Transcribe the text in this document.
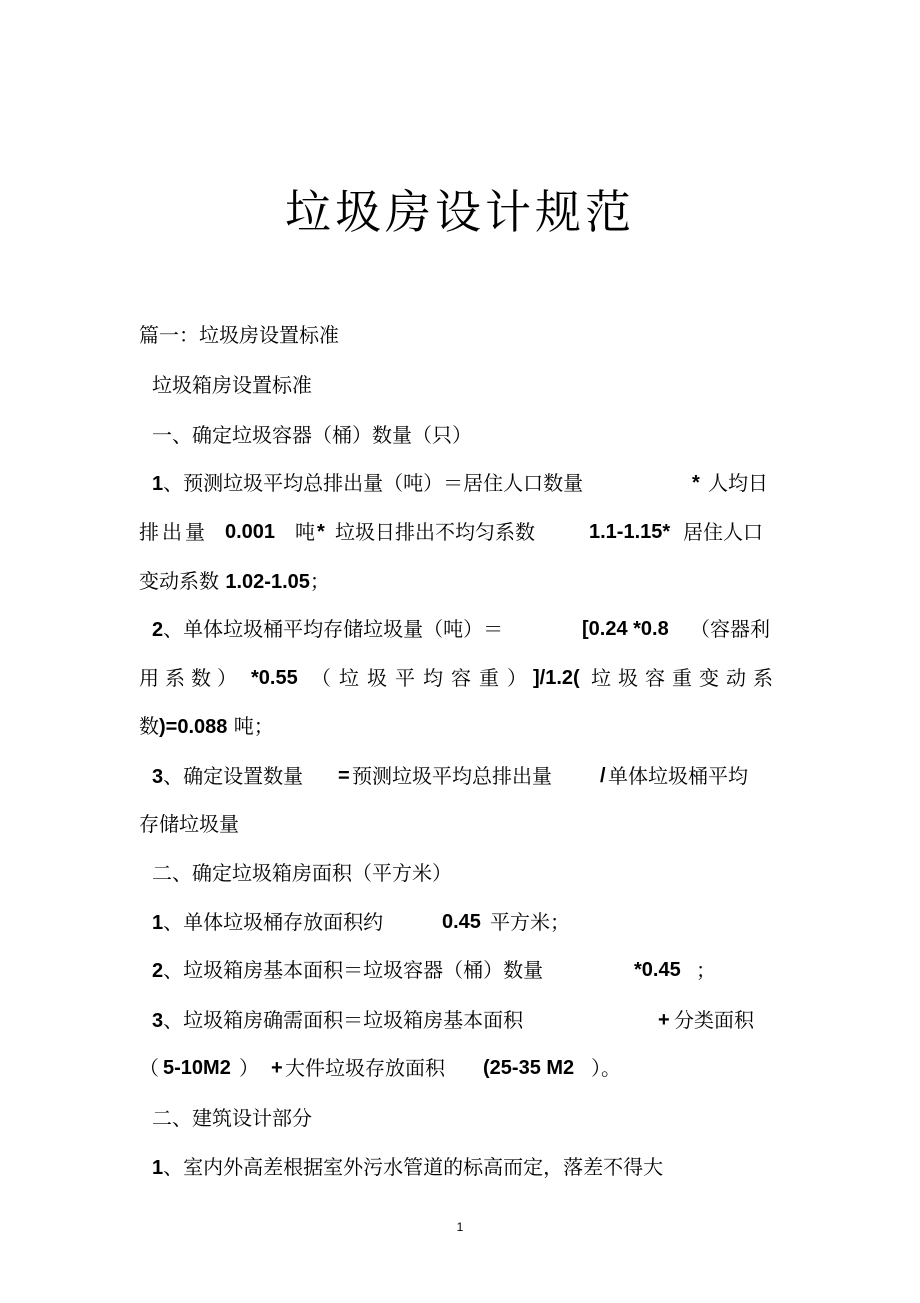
垃圾房设计规范
篇一：垃圾房设置标准
垃圾箱房设置标准
一、确定垃圾容器（桶）数量（只）
1、预测垃圾平均总排出量（吨）＝居住人口数量	* 人均日
排出量 0.001 吨 * 垃圾日排出不均匀系数	1.1-1.15* 居住人口
变动系数 1.02-1.05；
2、单体垃圾桶平均存储垃圾量（吨）＝	[0.24 *0.8 （容器利
用系数） *0.55 （垃圾平均容重）
]/1.2( 垃圾容重变动系
数)=0.088 吨；
3、确定设置数量 = 预测垃圾平均总排出量 / 单体垃圾桶平均
存储垃圾量
二、确定垃圾箱房面积（平方米）
1、单体垃圾桶存放面积约	0.45 平方米；
2、垃圾箱房基本面积＝垃圾容器（桶）数量	*0.45 ；
3、垃圾箱房确需面积＝垃圾箱房基本面积	+ 分类面积
（ 5-10M2 ） + 大件垃圾存放面积 (25-35 M2 ）。
二、建筑设计部分
1、室内外高差根据室外污水管道的标高而定，落差不得大
1
